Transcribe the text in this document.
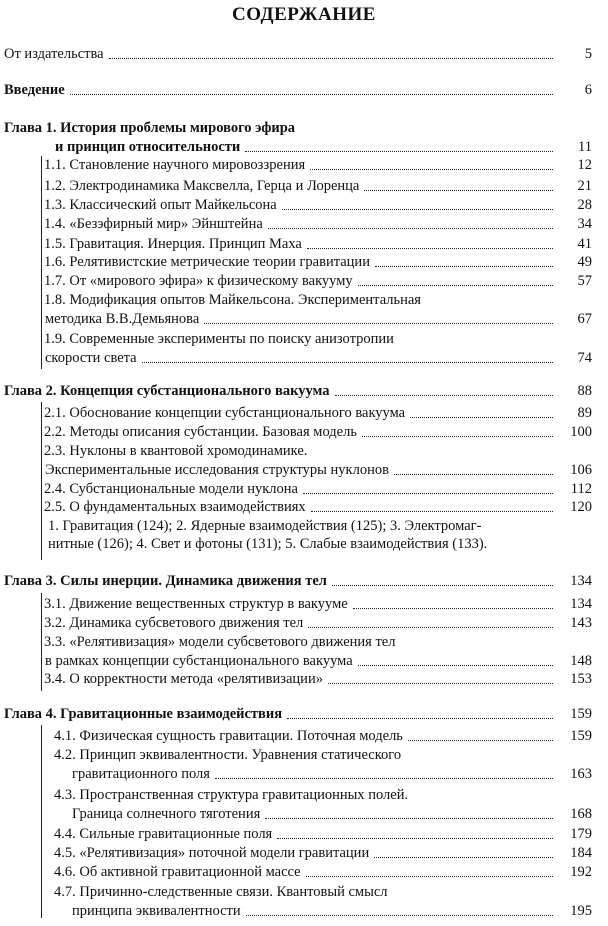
СОДЕРЖАНИЕ
От издательства	5
Введение	6
Глава 1. История проблемы мирового эфира
и принцип относительности	11
1.1. Становление научного мировоззрения	12
1.2. Электродинамика Максвелла, Герца и Лоренца	21
1.3. Классический опыт Майкельсона	28
1.4. «Безэфирный мир» Эйнштейна	34
1.5. Гравитация. Инерция. Принцип Маха	41
1.6. Релятивистские метрические теории гравитации	49
1.7. От «мирового эфира» к физическому вакууму	57
1.8. Модификация опытов Майкельсона. Экспериментальная
методика В.В.Демьянова	67
1.9. Современные эксперименты по поиску анизотропии
скорости света	74
Глава 2. Концепция субстанционального вакуума	88
2.1. Обоснование концепции субстанционального вакуума	89
2.2. Методы описания субстанции. Базовая модель	100
2.3. Нуклоны в квантовой хромодинамике.
Экспериментальные исследования структуры нуклонов	106
2.4. Субстанциональные модели нуклона	112
2.5. О фундаментальных взаимодействиях	120
1. Гравитация (124); 2. Ядерные взаимодействия (125); 3. Электромаг-
нитные (126); 4. Свет и фотоны (131); 5. Слабые взаимодействия (133).
Глава 3. Силы инерции. Динамика движения тел	134
3.1. Движение вещественных структур в вакууме	134
3.2. Динамика субсветового движения тел	143
3.3. «Релятивизация» модели субсветового движения тел
в рамках концепции субстанционального вакуума	148
3.4. О корректности метода «релятивизации»	153
Глава 4. Гравитационные взаимодействия	159
4.1. Физическая сущность гравитации. Поточная модель	159
4.2. Принцип эквивалентности. Уравнения статического
гравитационного поля	163
4.3. Пространственная структура гравитационных полей.
Граница солнечного тяготения	168
4.4. Сильные гравитационные поля	179
4.5. «Релятивизация» поточной модели гравитации	184
4.6. Об активной гравитационной массе	192
4.7. Причинно-следственные связи. Квантовый смысл
принципа эквивалентности	195
